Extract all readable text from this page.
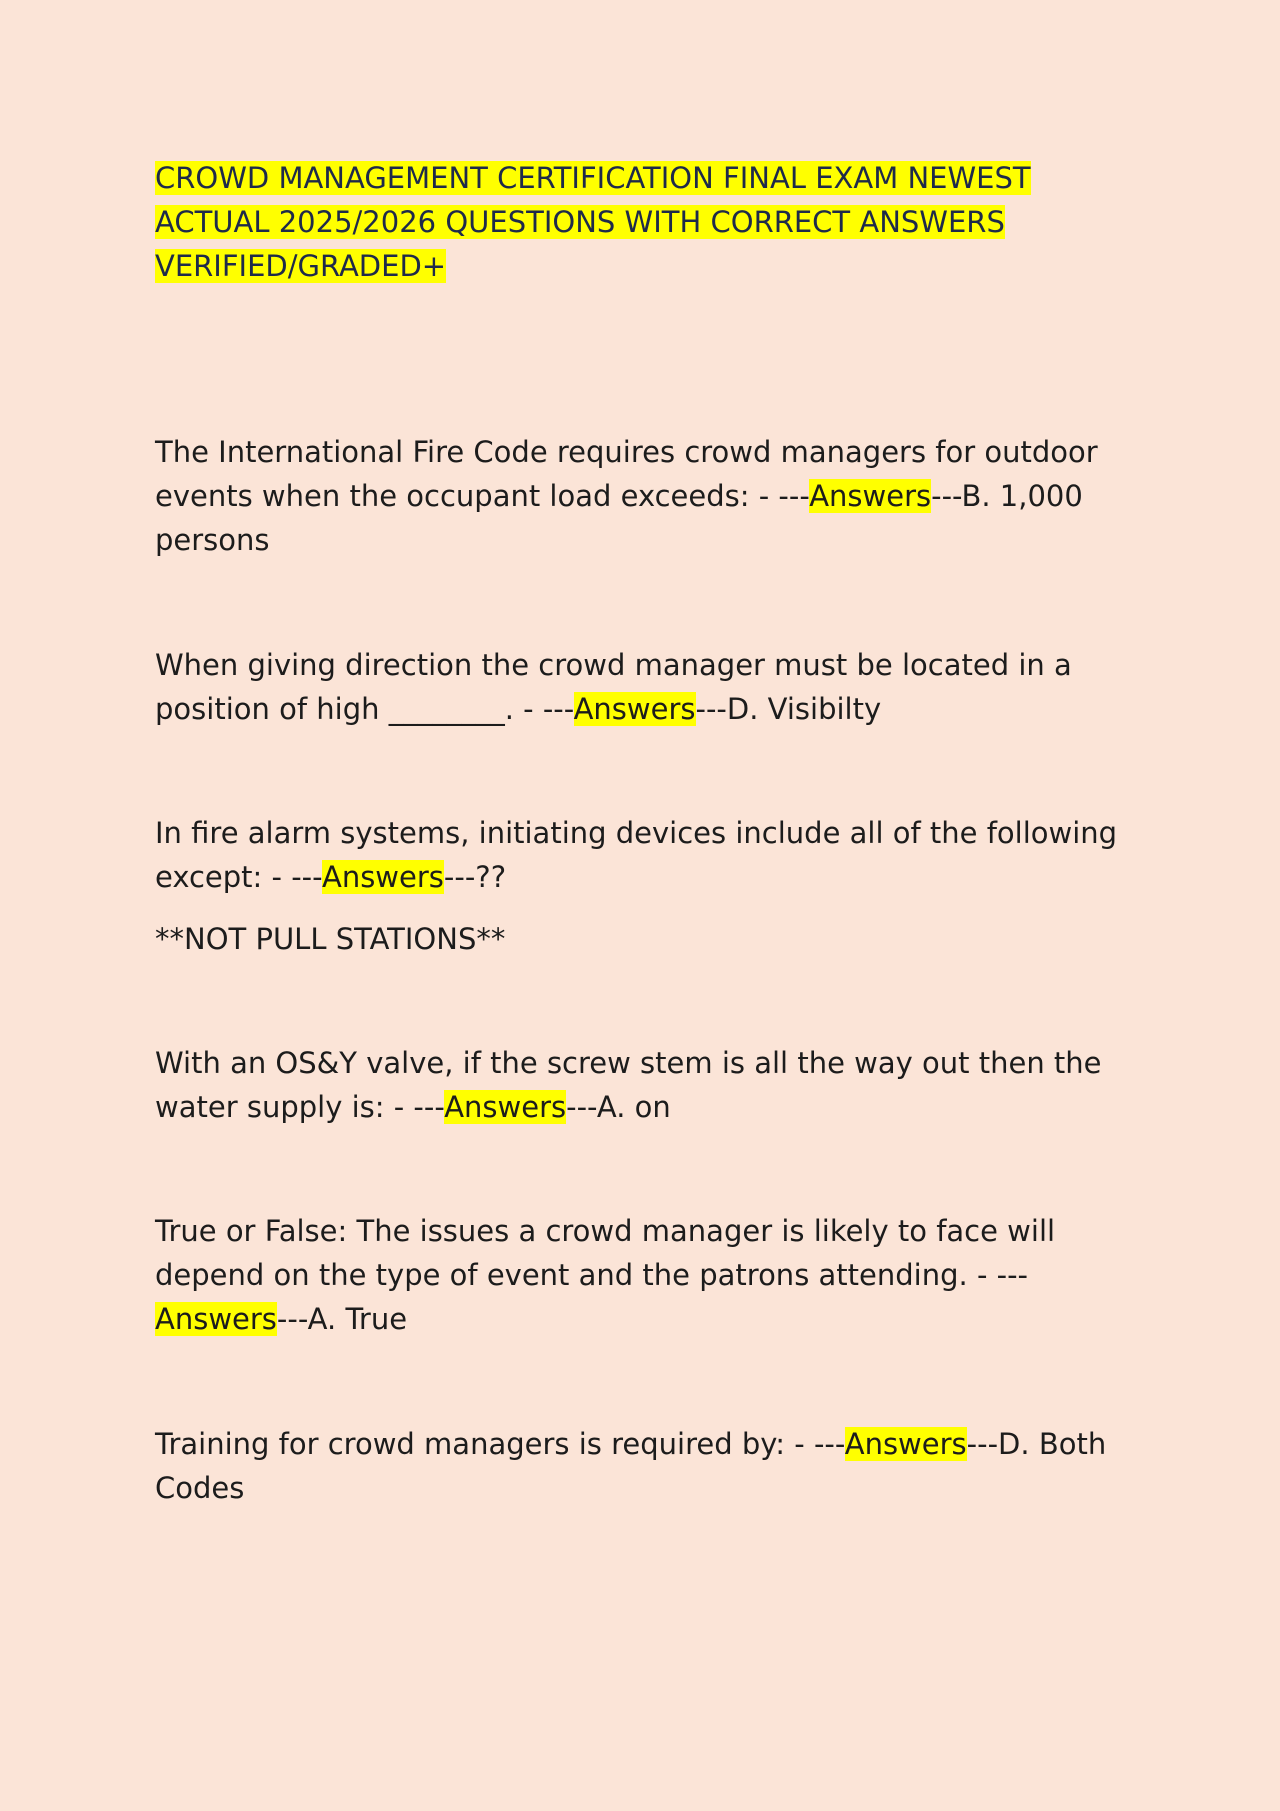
CROWD MANAGEMENT CERTIFICATION FINAL EXAM NEWEST
ACTUAL 2025/2026 QUESTIONS WITH CORRECT ANSWERS
VERIFIED/GRADED+

The International Fire Code requires crowd managers for outdoor events when the occupant load exceeds: - ---Answers---B. 1,000 persons

When giving direction the crowd manager must be located in a position of high ________. - ---Answers---D. Visibilty

In fire alarm systems, initiating devices include all of the following except: - ---Answers---??

**NOT PULL STATIONS**

With an OS&Y valve, if the screw stem is all the way out then the water supply is: - ---Answers---A. on

True or False: The issues a crowd manager is likely to face will depend on the type of event and the patrons attending. - ---Answers---A. True

Training for crowd managers is required by: - ---Answers---D. Both Codes
